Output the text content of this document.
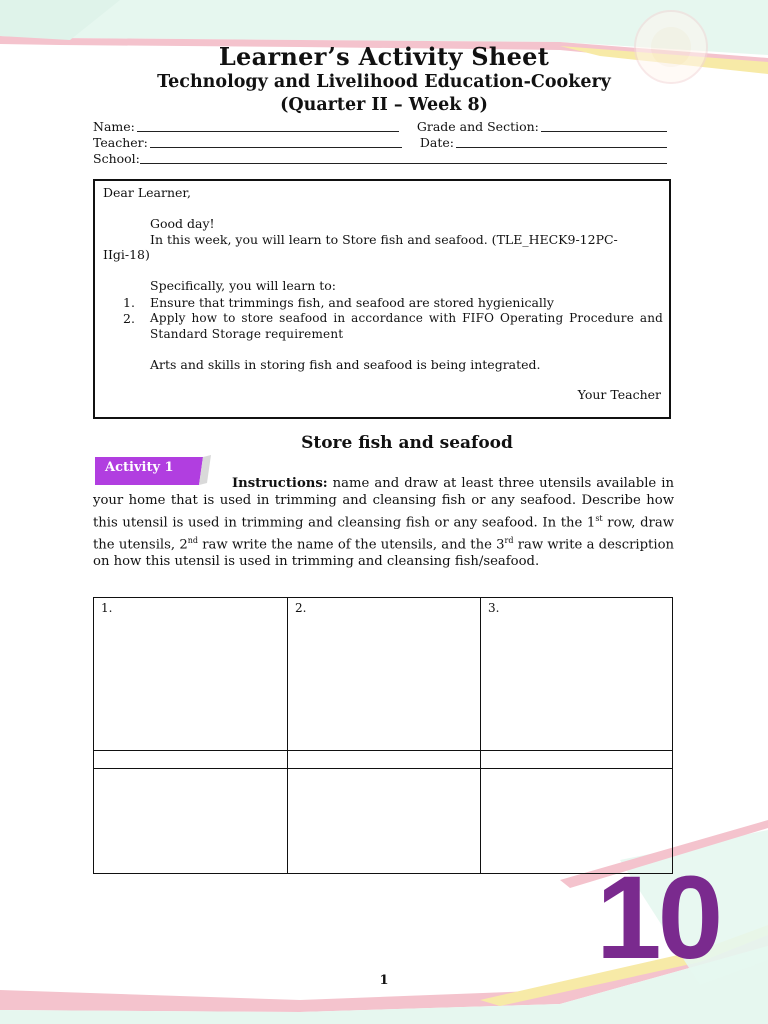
Learner’s Activity Sheet
Technology and Livelihood Education-Cookery
(Quarter II – Week 8)
Name:	Grade and Section:
Teacher:	Date:
School:
Dear Learner,
Good day!
In this week, you will learn to Store fish and seafood. (TLE_HECK9-12PC-
IIgi-18)
Specifically, you will learn to:
1. Ensure that trimmings fish, and seafood are stored hygienically
2. Apply how to store seafood in accordance with FIFO Operating Procedure and Standard Storage requirement
Arts and skills in storing fish and seafood is being integrated.
Your Teacher
Store fish and seafood
Activity 1
Instructions: name and draw at least three utensils available in your home that is used in trimming and cleansing fish or any seafood. Describe how this utensil is used in trimming and cleansing fish or any seafood. In the 1st row, draw the utensils, 2nd raw write the name of the utensils, and the 3rd raw write a description on how this utensil is used in trimming and cleansing fish/seafood.
1.	2.	3.
10
1
